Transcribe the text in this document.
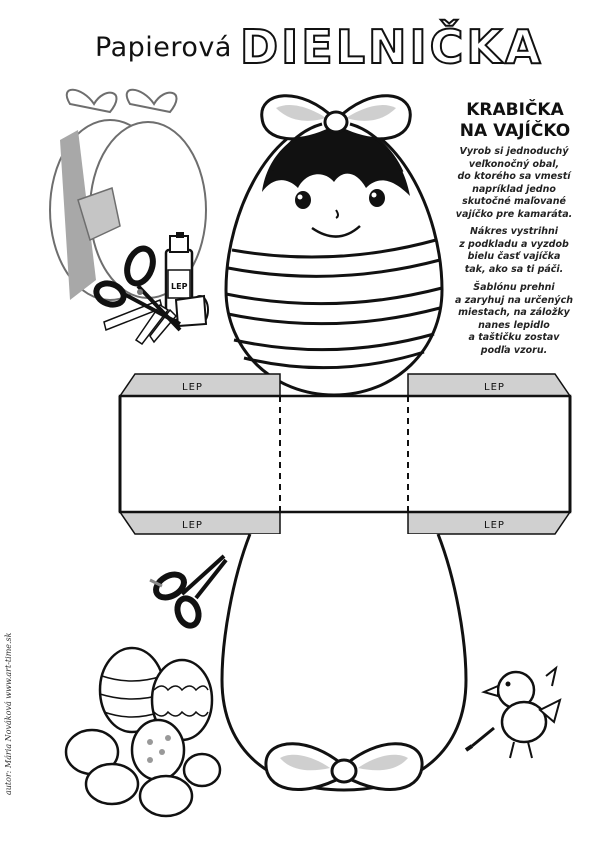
Papierová DIELNIČKA
LEP	LEP
LEP	LEP
LEP
KRABIČKA
NA VAJÍČKO
Vyrob si jednoduchý
veľkonočný obal,
do ktorého sa vmestí
napríklad jedno
skutočné maľované
vajíčko pre kamaráta.
Nákres vystrihni
z podkladu a vyzdob
bielu časť vajíčka
tak, ako sa ti páči.
Šablónu prehni
a zaryhuj na určených
miestach, na záložky
nanes lepidlo
a taštičku zostav
podľa vzoru.
autor: Mária Nováková www.art-time.sk
